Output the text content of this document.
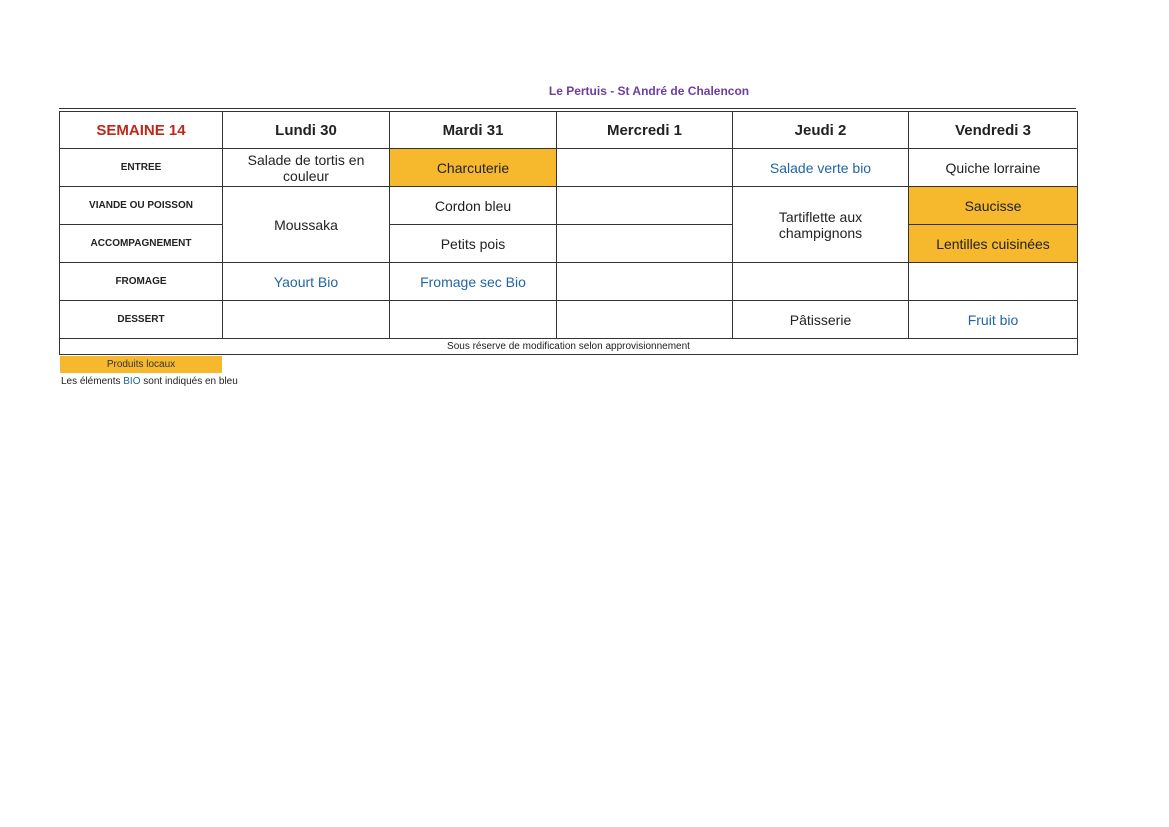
Le Pertuis - St André de Chalencon
SEMAINE 14	Lundi 30	Mardi 31	Mercredi 1	Jeudi 2	Vendredi 3
ENTREE	Salade de tortis en couleur	Charcuterie		Salade verte bio	Quiche lorraine
VIANDE OU POISSON	Moussaka	Cordon bleu		Tartiflette aux champignons	Saucisse
ACCOMPAGNEMENT		Petits pois			Lentilles cuisinées
FROMAGE	Yaourt Bio	Fromage sec Bio			
DESSERT				Pâtisserie	Fruit bio
Sous réserve de modification selon approvisionnement					
Produits locaux
Les éléments BIO sont indiqués en bleu
